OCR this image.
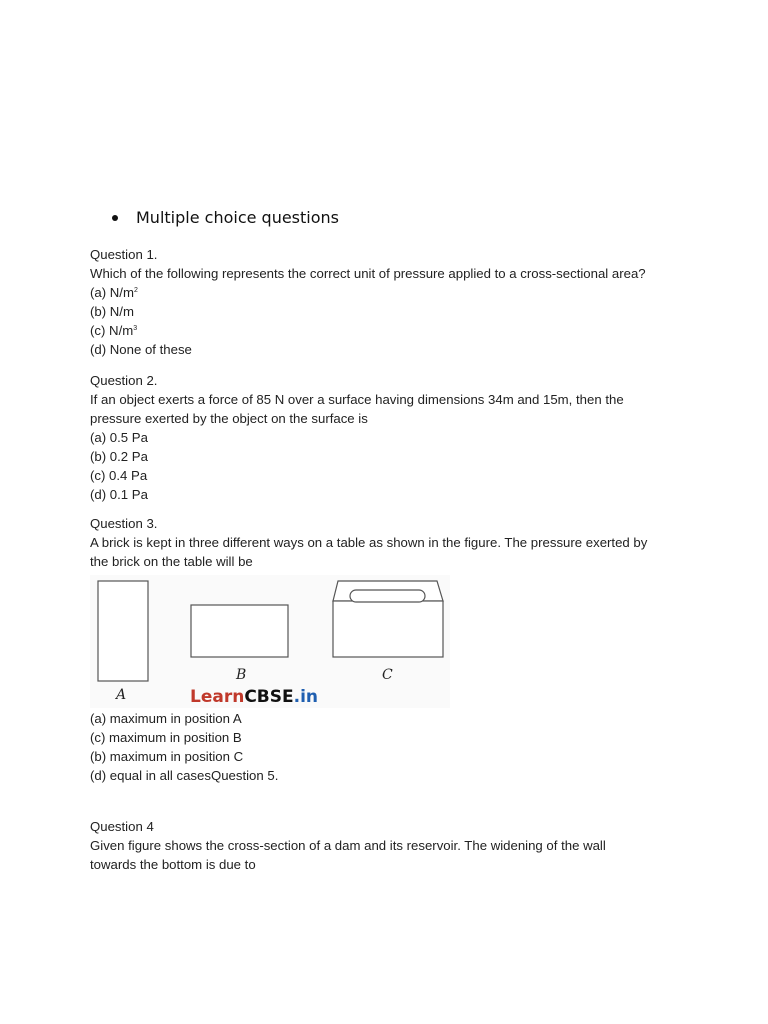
Multiple choice questions
Question 1.
Which of the following represents the correct unit of pressure applied to a cross-sectional area?
(a) $N/m^2$
(b) N/m
(c) $N/m^3$
(d) None of these
Question 2.
If an object exerts a force of 85 N over a surface having dimensions 34m and 15m, then the
pressure exerted by the object on the surface is
(a) 0.5 Pa
(b) 0.2 Pa
(c) 0.4 Pa
(d) 0.1 Pa
Question 3.
A brick is kept in three different ways on a table as shown in the figure. The pressure exerted by
the brick on the table will be
A
B	C
LearnCBSE.in
(a) maximum in position A
(c) maximum in position B
(b) maximum in position C
(d) equal in all casesQuestion 5.
Question 4
Given figure shows the cross-section of a dam and its reservoir. The widening of the wall
towards the bottom is due to
